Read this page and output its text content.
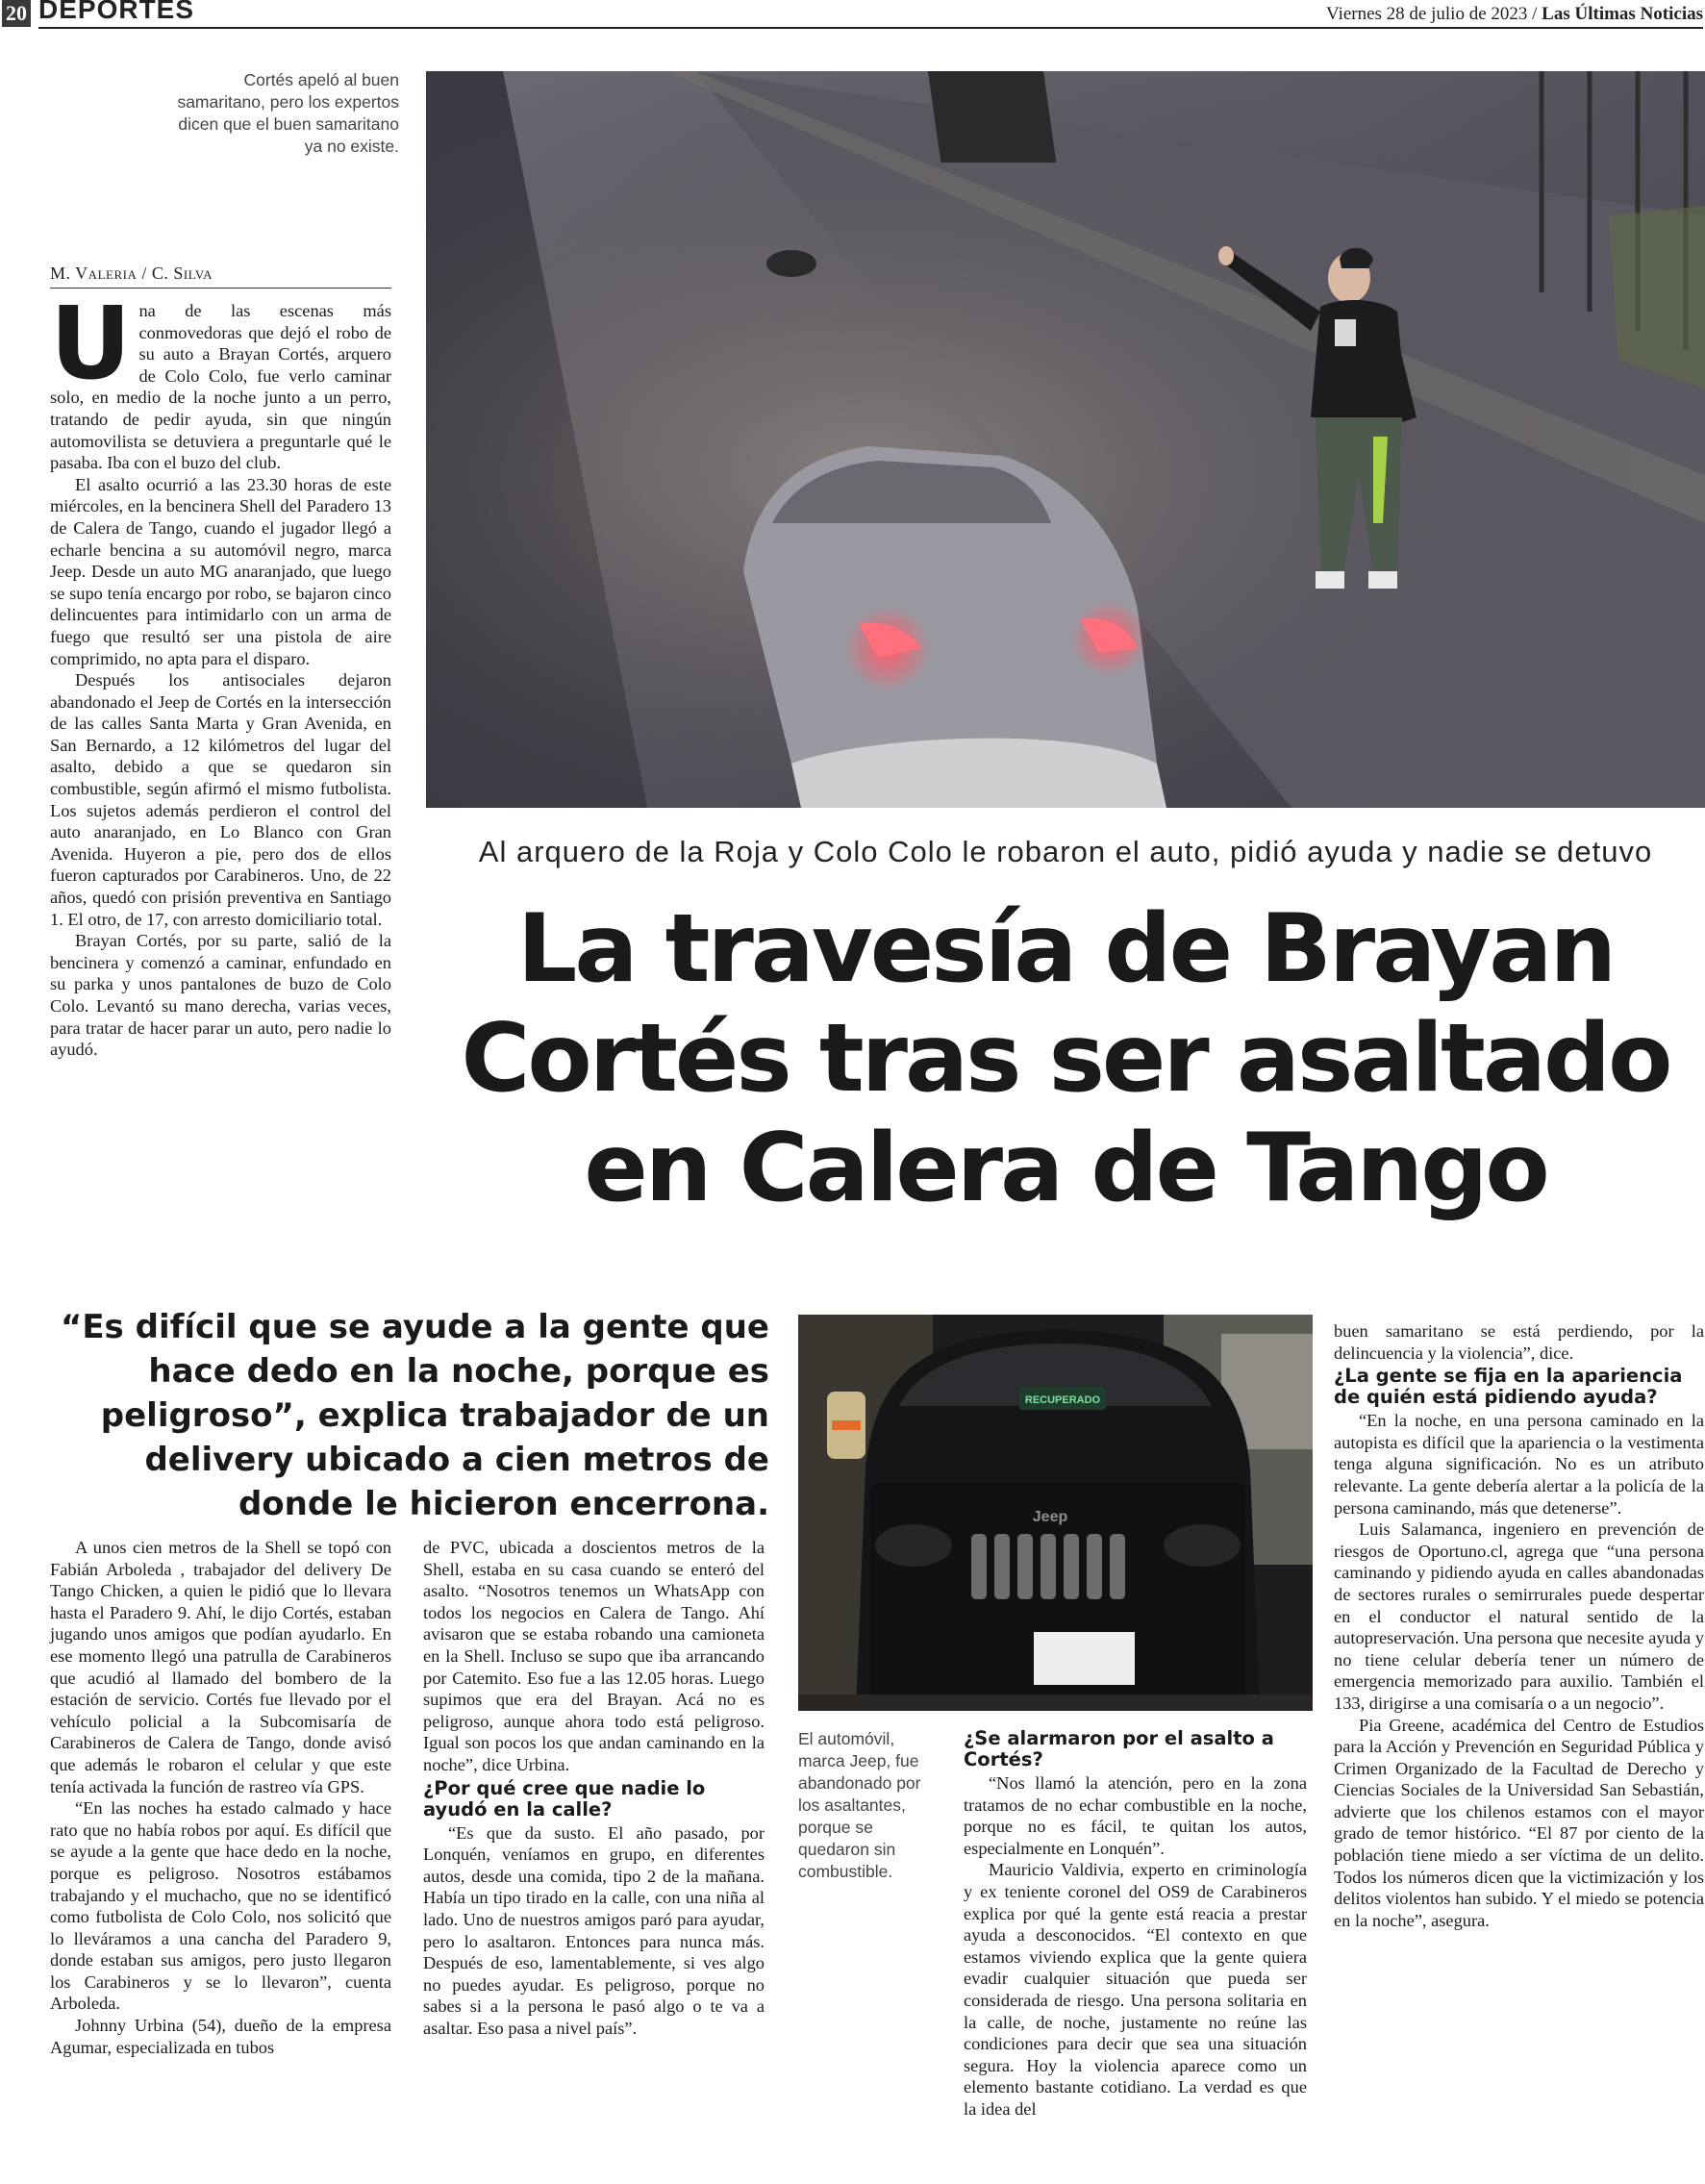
20 DEPORTES	Viernes 28 de julio de 2023 / Las Últimas Noticias
Cortés apeló al buen samaritano, pero los expertos dicen que el buen samaritano ya no existe.
M. Valeria / C. Silva

Una de las escenas más conmovedoras que dejó el robo de su auto a Brayan Cortés, arquero de Colo Colo, fue verlo caminar solo, en medio de la noche junto a un perro, tratando de pedir ayuda, sin que ningún automovilista se detuviera a preguntarle qué le pasaba. Iba con el buzo del club.

El asalto ocurrió a las 23.30 horas de este miércoles, en la bencinera Shell del Paradero 13 de Calera de Tango, cuando el jugador llegó a echarle bencina a su automóvil negro, marca Jeep. Desde un auto MG anaranjado, que luego se supo tenía encargo por robo, se bajaron cinco delincuentes para intimidarlo con un arma de fuego que resultó ser una pistola de aire comprimido, no apta para el disparo.

Después los antisociales dejaron abandonado el Jeep de Cortés en la intersección de las calles Santa Marta y Gran Avenida, en San Bernardo, a 12 kilómetros del lugar del asalto, debido a que se quedaron sin combustible, según afirmó el mismo futbolista. Los sujetos además perdieron el control del auto anaranjado, en Lo Blanco con Gran Avenida. Huyeron a pie, pero dos de ellos fueron capturados por Carabineros. Uno, de 22 años, quedó con prisión preventiva en Santiago 1. El otro, de 17, con arresto domiciliario total.

Brayan Cortés, por su parte, salió de la bencinera y comenzó a caminar, enfundado en su parka y unos pantalones de buzo de Colo Colo. Levantó su mano derecha, varias veces, para tratar de hacer parar un auto, pero nadie lo ayudó.

Al arquero de la Roja y Colo Colo le robaron el auto, pidió ayuda y nadie se detuvo
La travesía de Brayan Cortés tras ser asaltado en Calera de Tango
“Es difícil que se ayude a la gente que hace dedo en la noche, porque es peligroso”, explica trabajador de un delivery ubicado a cien metros de donde le hicieron encerrona.

A unos cien metros de la Shell se topó con Fabián Arboleda , trabajador del delivery De Tango Chicken, a quien le pidió que lo llevara hasta el Paradero 9. Ahí, le dijo Cortés, estaban jugando unos amigos que podían ayudarlo. En ese momento llegó una patrulla de Carabineros que acudió al llamado del bombero de la estación de servicio. Cortés fue llevado por el vehículo policial a la Subcomisaría de Carabineros de Calera de Tango, donde avisó que además le robaron el celular y que este tenía activada la función de rastreo vía GPS.

“En las noches ha estado calmado y hace rato que no había robos por aquí. Es difícil que se ayude a la gente que hace dedo en la noche, porque es peligroso. Nosotros estábamos trabajando y el muchacho, que no se identificó como futbolista de Colo Colo, nos solicitó que lo lleváramos a una cancha del Paradero 9, donde estaban sus amigos, pero justo llegaron los Carabineros y se lo llevaron”, cuenta Arboleda.

Johnny Urbina (54), dueño de la empresa Agumar, especializada en tubos

de PVC, ubicada a doscientos metros de la Shell, estaba en su casa cuando se enteró del asalto. “Nosotros tenemos un WhatsApp con todos los negocios en Calera de Tango. Ahí avisaron que se estaba robando una camioneta en la Shell. Incluso se supo que iba arrancando por Catemito. Eso fue a las 12.05 horas. Luego supimos que era del Brayan. Acá no es peligroso, aunque ahora todo está peligroso. Igual son pocos los que andan caminando en la noche”, dice Urbina.

¿Por qué cree que nadie lo ayudó en la calle?

“Es que da susto. El año pasado, por Lonquén, veníamos en grupo, en diferentes autos, desde una comida, tipo 2 de la mañana. Había un tipo tirado en la calle, con una niña al lado. Uno de nuestros amigos paró para ayudar, pero lo asaltaron. Entonces para nunca más. Después de eso, lamentablemente, si ves algo no puedes ayudar. Es peligroso, porque no sabes si a la persona le pasó algo o te va a asaltar. Eso pasa a nivel país”.

RECUPERADO
Jeep
El automóvil, marca Jeep, fue abandonado por los asaltantes, porque se quedaron sin combustible.
¿Se alarmaron por el asalto a Cortés?

“Nos llamó la atención, pero en la zona tratamos de no echar combustible en la noche, porque no es fácil, te quitan los autos, especialmente en Lonquén”.

Mauricio Valdivia, experto en criminología y ex teniente coronel del OS9 de Carabineros explica por qué la gente está reacia a prestar ayuda a desconocidos. “El contexto en que estamos viviendo explica que la gente quiera evadir cualquier situación que pueda ser considerada de riesgo. Una persona solitaria en la calle, de noche, justamente no reúne las condiciones para decir que sea una situación segura. Hoy la violencia aparece como un elemento bastante cotidiano. La verdad es que la idea del

buen samaritano se está perdiendo, por la delincuencia y la violencia”, dice.

¿La gente se fija en la apariencia de quién está pidiendo ayuda?

“En la noche, en una persona caminado en la autopista es difícil que la apariencia o la vestimenta tenga alguna significación. No es un atributo relevante. La gente debería alertar a la policía de la persona caminando, más que detenerse”.

Luis Salamanca, ingeniero en prevención de riesgos de Oportuno.cl, agrega que “una persona caminando y pidiendo ayuda en calles abandonadas de sectores rurales o semirrurales puede despertar en el conductor el natural sentido de la autopreservación. Una persona que necesite ayuda y no tiene celular debería tener un número de emergencia memorizado para auxilio. También el 133, dirigirse a una comisaría o a un negocio”.

Pia Greene, académica del Centro de Estudios para la Acción y Prevención en Seguridad Pública y Crimen Organizado de la Facultad de Derecho y Ciencias Sociales de la Universidad San Sebastián, advierte que los chilenos estamos con el mayor grado de temor histórico. “El 87 por ciento de la población tiene miedo a ser víctima de un delito. Todos los números dicen que la victimización y los delitos violentos han subido. Y el miedo se potencia en la noche”, asegura.
